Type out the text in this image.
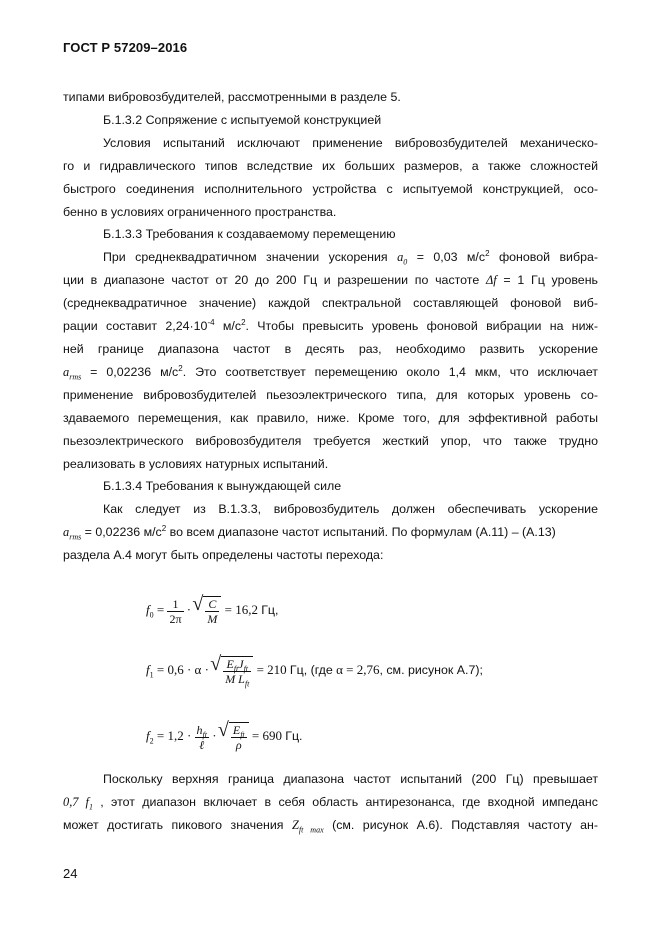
ГОСТ Р 57209–2016
типами вибровозбудителей, рассмотренными в разделе 5.
Б.1.3.2 Сопряжение с испытуемой конструкцией
Условия испытаний исключают применение вибровозбудителей механическо-
го и гидравлического типов вследствие их больших размеров, а также сложностей
быстрого соединения исполнительного устройства с испытуемой конструкцией, осо-
бенно в условиях ограниченного пространства.
Б.1.3.3 Требования к создаваемому перемещению
При среднеквадратичном значении ускорения $a_0 = 0,03$ $м/с^2$ фоновой вибра-
ции в диапазоне частот от 20 до 200 Гц и разрешении по частоте Δf = 1 Гц уровень
(среднеквадратичное значение) каждой спектральной составляющей фоновой виб-
рации составит $2,24\cdot 10^{-4}$ $м/с^2$. Чтобы превысить уровень фоновой вибрации на ниж-
ней границе диапазона частот в десять раз, необходимо развить ускорение
$a_{rms} = 0,02236$ $м/с^2$. Это соответствует перемещению около 1,4 мкм, что исключает
применение вибровозбудителей пьезоэлектрического типа, для которых уровень со-
здаваемого перемещения, как правило, ниже. Кроме того, для эффективной работы
пьезоэлектрического вибровозбудителя требуется жесткий упор, что также трудно
реализовать в условиях натурных испытаний.
Б.1.3.4 Требования к вынуждающей силе
Как следует из В.1.3.3, вибровозбудитель должен обеспечивать ускорение
$a_{rms} = 0,02236$ $м/с^2$ во всем диапазоне частот испытаний. По формулам (А.11) – (А.13)
раздела А.4 могут быть определены частоты перехода:
$f_0 = \frac{1}{2\pi}$ · √ $\frac{C}{M} = 16,2$ Гц,
$f_1 = 0,6 \cdot \alpha$ · √ $\frac{E_{ft}J_{ft}}{M L_{ft}} = 210$ Гц, (где α = 2,76, см. рисунок А.7);
$f_2 = 1,2 \cdot \frac{h_{ft}}{\text{ℓ}}$ · √ $\frac{E_{ft}}{\rho} = 690$ Гц.
Поскольку верхняя граница диапазона частот испытаний (200 Гц) превышает
0,7 $f_1$ , этот диапазон включает в себя область антирезонанса, где входной импеданс
может достигать пикового значения $Z_{ft max}$ (см. рисунок А.6). Подставляя частоту ан-
24
